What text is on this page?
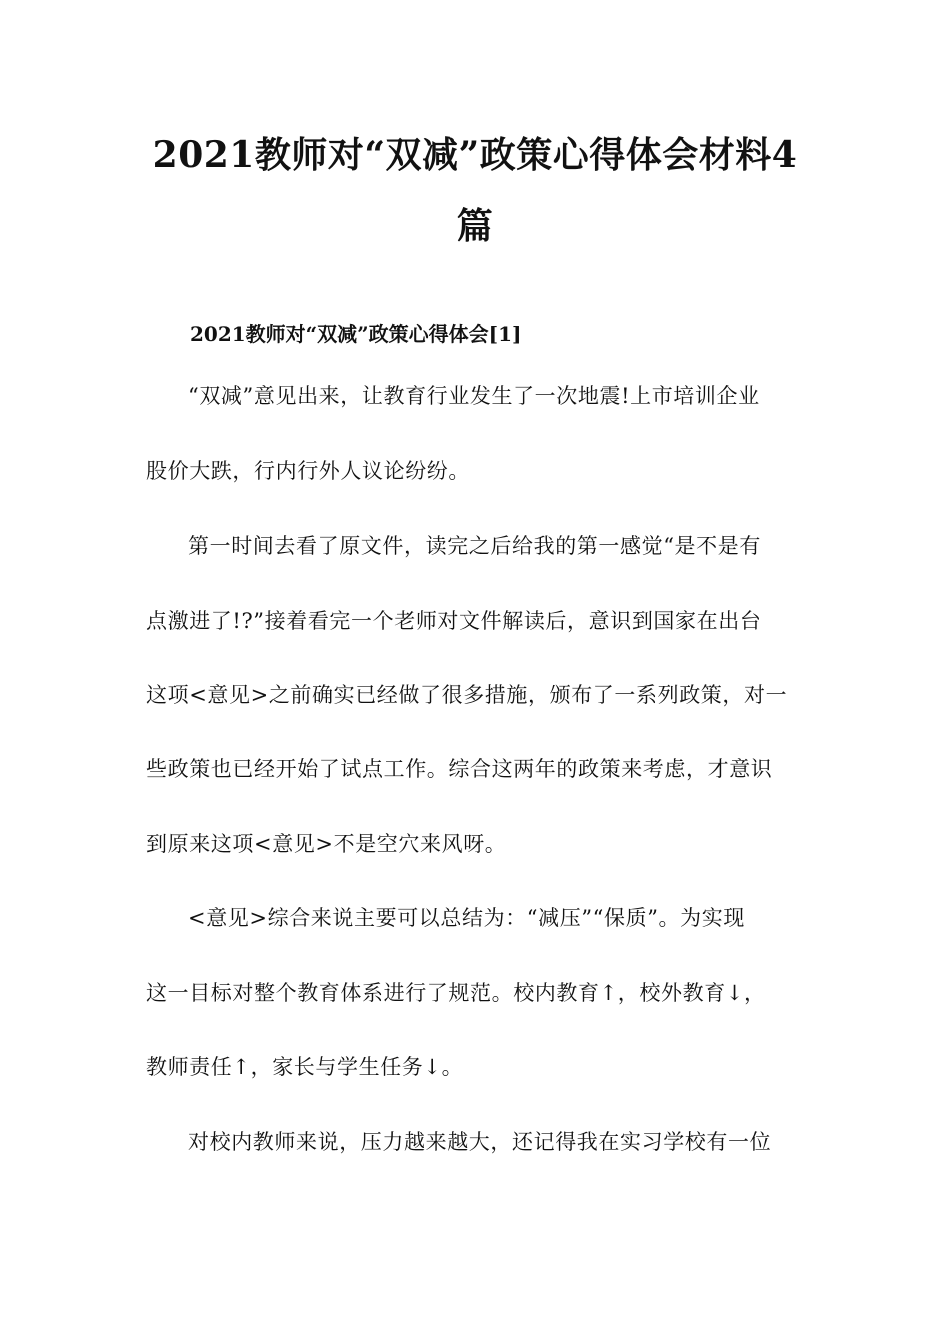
2021教师对“双减”政策心得体会材料4
篇
2021教师对“双减”政策心得体会[1]
“双减”意见出来，让教育行业发生了一次地震!上市培训企业
股价大跌，行内行外人议论纷纷。
第一时间去看了原文件，读完之后给我的第一感觉“是不是有
点激进了!?”接着看完一个老师对文件解读后，意识到国家在出台
这项<意见>之前确实已经做了很多措施，颁布了一系列政策，对一
些政策也已经开始了试点工作。综合这两年的政策来考虑，才意识
到原来这项<意见>不是空穴来风呀。
<意见>综合来说主要可以总结为：“减压”“保质”。为实现
这一目标对整个教育体系进行了规范。校内教育↑，校外教育↓，
教师责任↑，家长与学生任务↓。
对校内教师来说，压力越来越大，还记得我在实习学校有一位
